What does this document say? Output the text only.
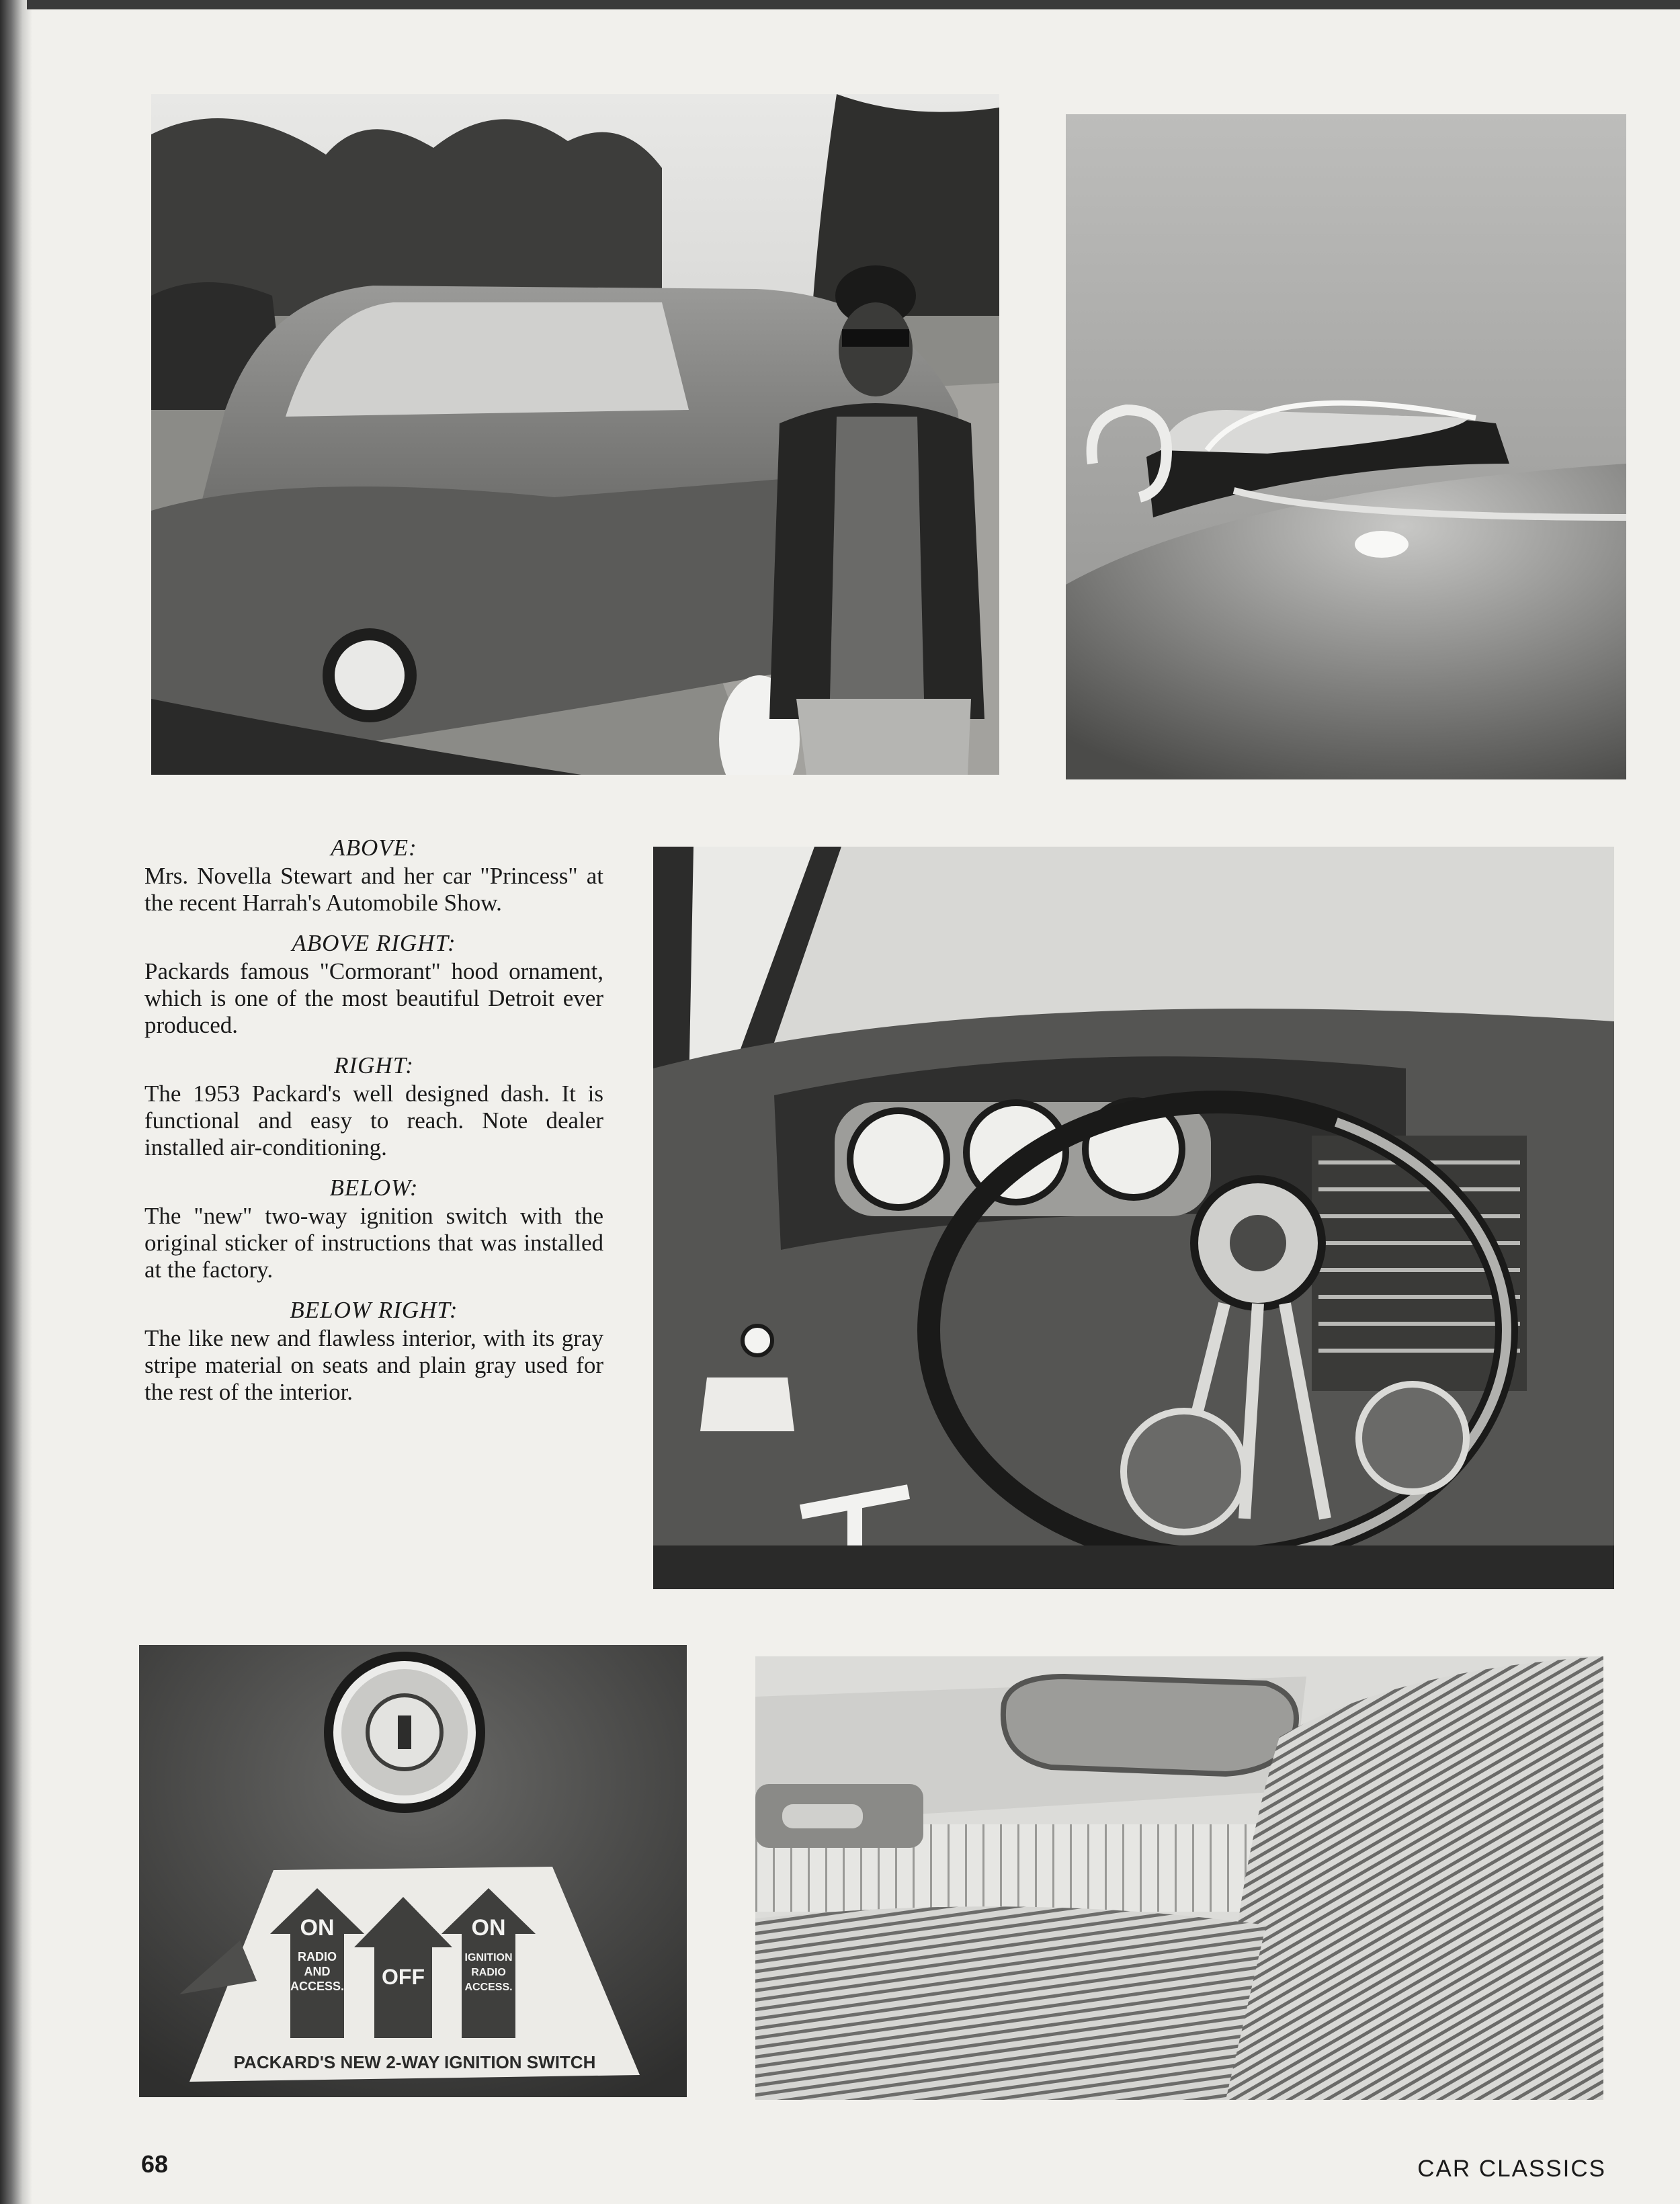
ON
RADIO
AND
ACCESS. OFF
ON
IGNITION
RADIO
ACCESS.
PACKARD'S NEW 2-WAY IGNITION SWITCH
ABOVE:
Mrs. Novella Stewart and her car "Princess" at the recent Harrah's Automobile Show.
ABOVE RIGHT:
Packards famous "Cormorant" hood ornament, which is one of the most beautiful Detroit ever produced.
RIGHT:
The 1953 Packard's well designed dash. It is functional and easy to reach. Note dealer installed air-conditioning.
BELOW:
The "new" two-way ignition switch with the original sticker of instructions that was installed at the factory.
BELOW RIGHT:
The like new and flawless interior, with its gray stripe material on seats and plain gray used for the rest of the interior.
68	CAR CLASSICS
